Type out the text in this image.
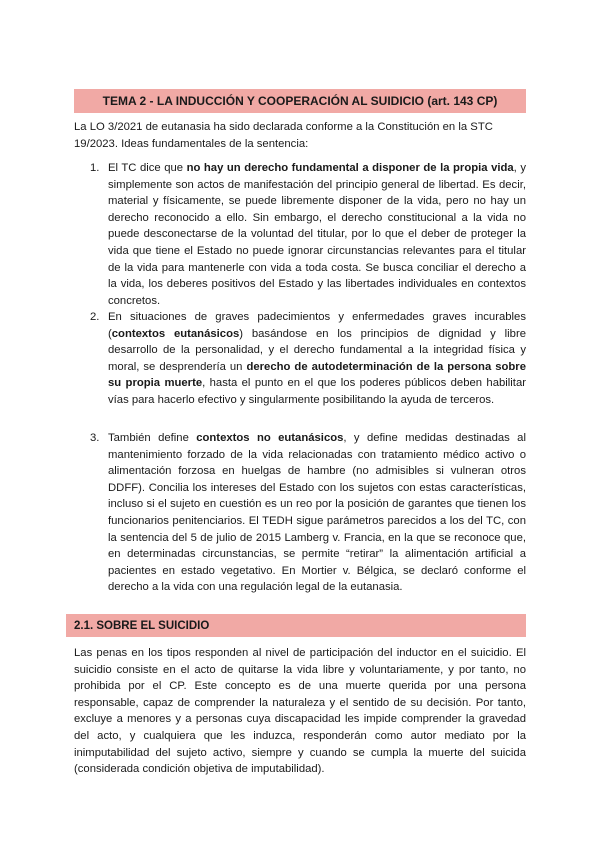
TEMA 2 - LA INDUCCIÓN Y COOPERACIÓN AL SUIDICIO (art. 143 CP)
La LO 3/2021 de eutanasia ha sido declarada conforme a la Constitución en la STC 19/2023. Ideas fundamentales de la sentencia:
1. El TC dice que no hay un derecho fundamental a disponer de la propia vida, y simplemente son actos de manifestación del principio general de libertad. Es decir, material y físicamente, se puede libremente disponer de la vida, pero no hay un derecho reconocido a ello. Sin embargo, el derecho constitucional a la vida no puede desconectarse de la voluntad del titular, por lo que el deber de proteger la vida que tiene el Estado no puede ignorar circunstancias relevantes para el titular de la vida para mantenerle con vida a toda costa. Se busca conciliar el derecho a la vida, los deberes positivos del Estado y las libertades individuales en contextos concretos.
2. En situaciones de graves padecimientos y enfermedades graves incurables (contextos eutanásicos) basándose en los principios de dignidad y libre desarrollo de la personalidad, y el derecho fundamental a la integridad física y moral, se desprendería un derecho de autodeterminación de la persona sobre su propia muerte, hasta el punto en el que los poderes públicos deben habilitar vías para hacerlo efectivo y singularmente posibilitando la ayuda de terceros.
3. También define contextos no eutanásicos, y define medidas destinadas al mantenimiento forzado de la vida relacionadas con tratamiento médico activo o alimentación forzosa en huelgas de hambre (no admisibles si vulneran otros DDFF). Concilia los intereses del Estado con los sujetos con estas características, incluso si el sujeto en cuestión es un reo por la posición de garantes que tienen los funcionarios penitenciarios. El TEDH sigue parámetros parecidos a los del TC, con la sentencia del 5 de julio de 2015 Lamberg v. Francia, en la que se reconoce que, en determinadas circunstancias, se permite “retirar” la alimentación artificial a pacientes en estado vegetativo. En Mortier v. Bélgica, se declaró conforme el derecho a la vida con una regulación legal de la eutanasia.
2.1. SOBRE EL SUICIDIO
Las penas en los tipos responden al nivel de participación del inductor en el suicidio. El suicidio consiste en el acto de quitarse la vida libre y voluntariamente, y por tanto, no prohibida por el CP. Este concepto es de una muerte querida por una persona responsable, capaz de comprender la naturaleza y el sentido de su decisión. Por tanto, excluye a menores y a personas cuya discapacidad les impide comprender la gravedad del acto, y cualquiera que les induzca, responderán como autor mediato por la inimputabilidad del sujeto activo, siempre y cuando se cumpla la muerte del suicida (considerada condición objetiva de imputabilidad).
